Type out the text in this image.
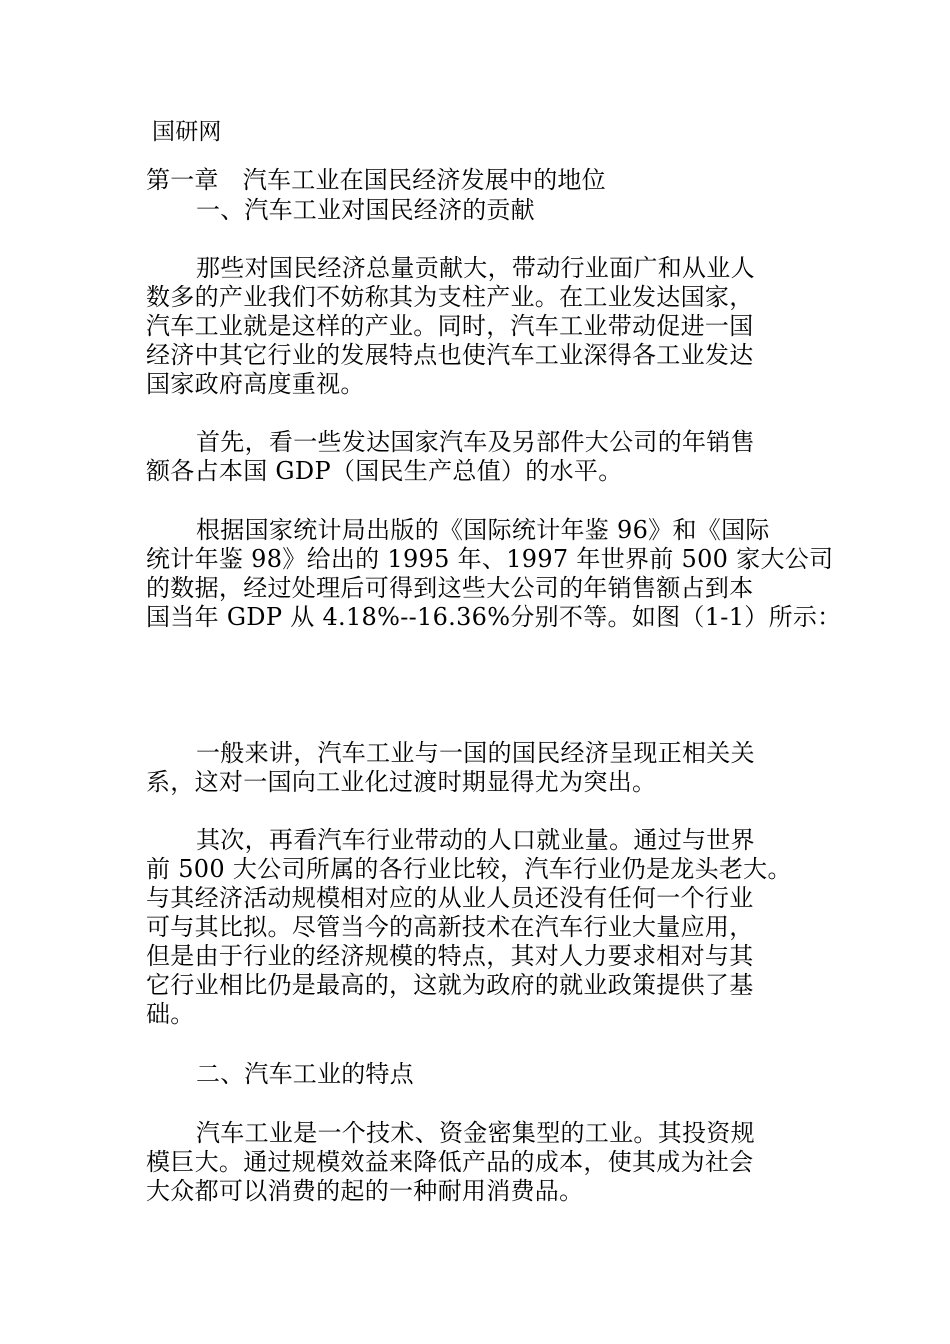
国研网
第一章　汽车工业在国民经济发展中的地位
一、汽车工业对国民经济的贡献
那些对国民经济总量贡献大，带动行业面广和从业人
数多的产业我们不妨称其为支柱产业。在工业发达国家，
汽车工业就是这样的产业。同时，汽车工业带动促进一国
经济中其它行业的发展特点也使汽车工业深得各工业发达
国家政府高度重视。
首先，看一些发达国家汽车及另部件大公司的年销售
额各占本国 GDP（国民生产总值）的水平。
根据国家统计局出版的《国际统计年鉴 96》和《国际
统计年鉴 98》给出的 1995 年、1997 年世界前 500 家大公司
的数据，经过处理后可得到这些大公司的年销售额占到本
国当年 GDP 从 4.18%--16.36%分别不等。如图（1-1）所示：
一般来讲，汽车工业与一国的国民经济呈现正相关关
系，这对一国向工业化过渡时期显得尤为突出。
其次，再看汽车行业带动的人口就业量。通过与世界
前 500 大公司所属的各行业比较，汽车行业仍是龙头老大。
与其经济活动规模相对应的从业人员还没有任何一个行业
可与其比拟。尽管当今的高新技术在汽车行业大量应用，
但是由于行业的经济规模的特点，其对人力要求相对与其
它行业相比仍是最高的，这就为政府的就业政策提供了基
础。
二、汽车工业的特点
汽车工业是一个技术、资金密集型的工业。其投资规
模巨大。通过规模效益来降低产品的成本，使其成为社会
大众都可以消费的起的一种耐用消费品。
